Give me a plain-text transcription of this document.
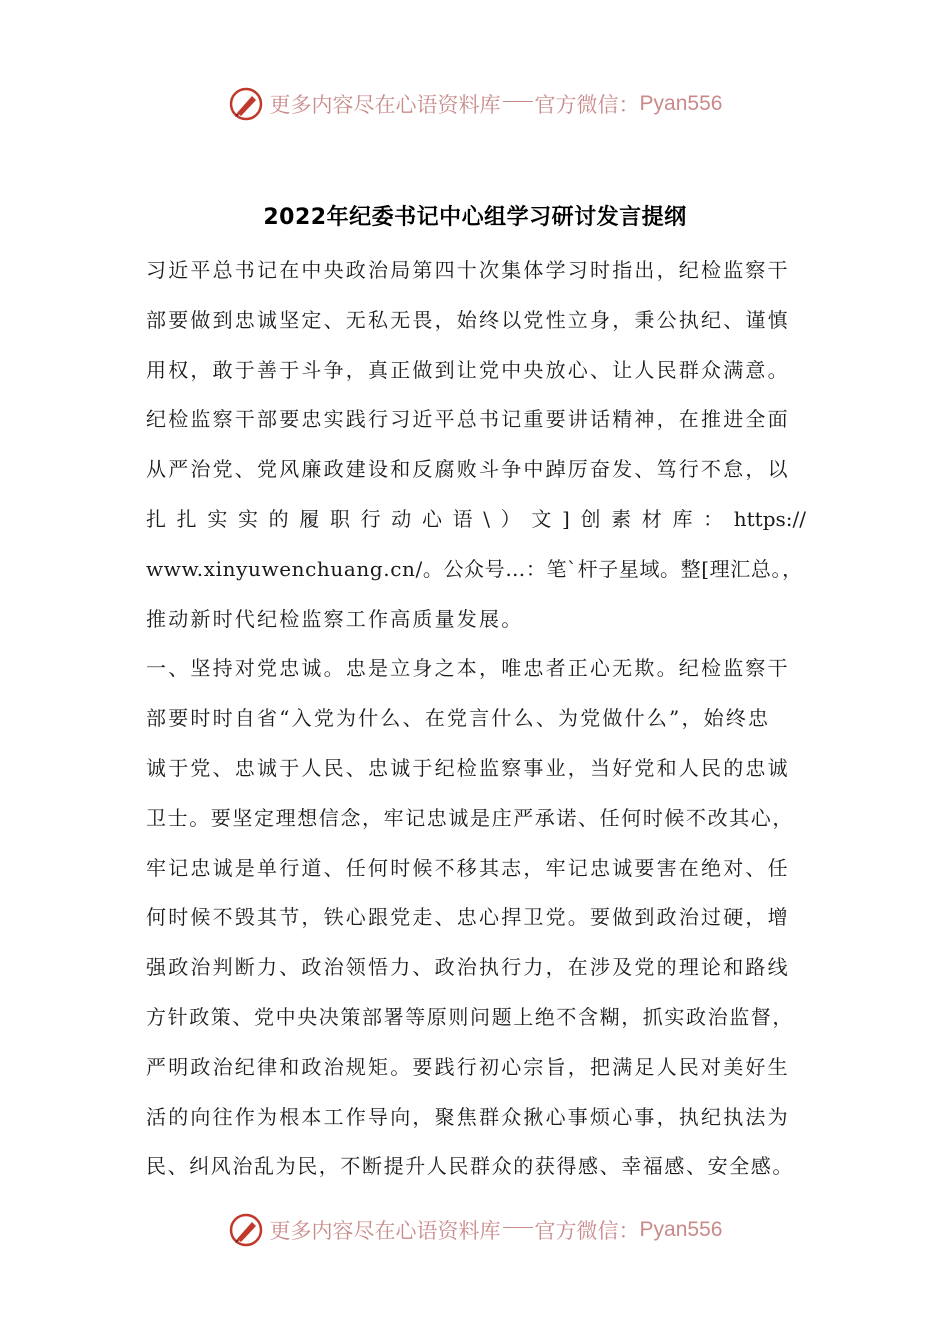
更多内容尽在心语资料库 官方微信： Pyan556
2022年纪委书记中心组学习研讨发言提纲
习近平总书记在中央政治局第四十次集体学习时指出，纪检监察干
部要做到忠诚坚定、无私无畏，始终以党性立身，秉公执纪、谨慎
用权，敢于善于斗争，真正做到让党中央放心、让人民群众满意。
纪检监察干部要忠实践行习近平总书记重要讲话精神，在推进全面
从严治党、党风廉政建设和反腐败斗争中踔厉奋发、笃行不怠，以
扎扎实实的履职行动心语\）文]创素材库：https://
www.xinyuwenchuang.cn/。公众号…：笔`杆子星域。整[理汇总。，
推动新时代纪检监察工作高质量发展。
一、坚持对党忠诚。忠是立身之本，唯忠者正心无欺。纪检监察干
部要时时自省“入党为什么、在党言什么、为党做什么”，始终忠
诚于党、忠诚于人民、忠诚于纪检监察事业，当好党和人民的忠诚
卫士。要坚定理想信念，牢记忠诚是庄严承诺、任何时候不改其心，
牢记忠诚是单行道、任何时候不移其志，牢记忠诚要害在绝对、任
何时候不毁其节，铁心跟党走、忠心捍卫党。要做到政治过硬，增
强政治判断力、政治领悟力、政治执行力，在涉及党的理论和路线
方针政策、党中央决策部署等原则问题上绝不含糊，抓实政治监督，
严明政治纪律和政治规矩。要践行初心宗旨，把满足人民对美好生
活的向往作为根本工作导向，聚焦群众揪心事烦心事，执纪执法为
民、纠风治乱为民，不断提升人民群众的获得感、幸福感、安全感。
更多内容尽在心语资料库 官方微信： Pyan556
